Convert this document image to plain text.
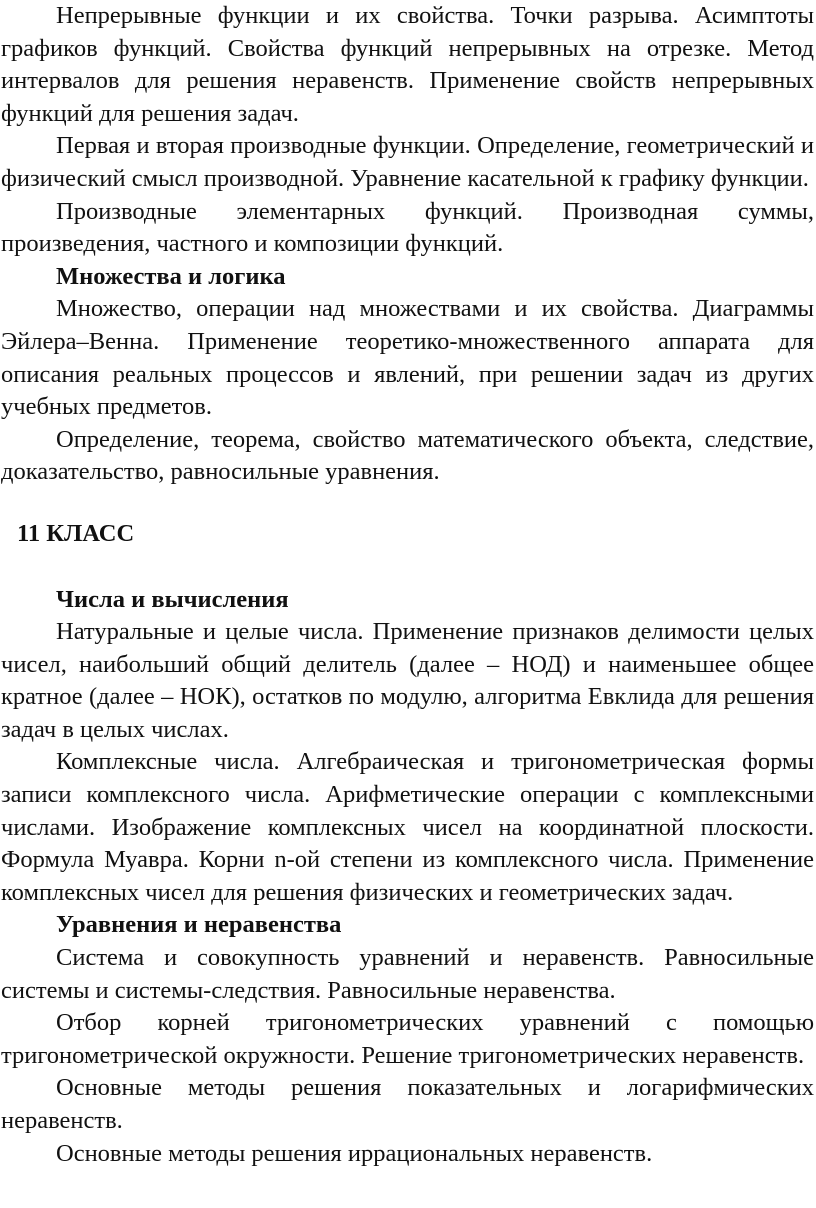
Непрерывные функции и их свойства. Точки разрыва. Асимптоты графиков функций. Свойства функций непрерывных на отрезке. Метод интервалов для решения неравенств. Применение свойств непрерывных функций для решения задач.

Первая и вторая производные функции. Определение, геометрический и физический смысл производной. Уравнение касательной к графику функции.

Производные элементарных функций. Производная суммы, произведения, частного и композиции функций.

Множества и логика

Множество, операции над множествами и их свойства. Диаграммы Эйлера–Венна. Применение теоретико-множественного аппарата для описания реальных процессов и явлений, при решении задач из других учебных предметов.

Определение, теорема, свойство математического объекта, следствие, доказательство, равносильные уравнения.

11 КЛАСС

Числа и вычисления

Натуральные и целые числа. Применение признаков делимости целых чисел, наибольший общий делитель (далее – НОД) и наименьшее общее кратное (далее – НОК), остатков по модулю, алгоритма Евклида для решения задач в целых числах.

Комплексные числа. Алгебраическая и тригонометрическая формы записи комплексного числа. Арифметические операции с комплексными числами. Изображение комплексных чисел на координатной плоскости. Формула Муавра. Корни n-ой степени из комплексного числа. Применение комплексных чисел для решения физических и геометрических задач.

Уравнения и неравенства

Система и совокупность уравнений и неравенств. Равносильные системы и системы-следствия. Равносильные неравенства.

Отбор корней тригонометрических уравнений с помощью тригонометрической окружности. Решение тригонометрических неравенств.

Основные методы решения показательных и логарифмических неравенств.

Основные методы решения иррациональных неравенств.
